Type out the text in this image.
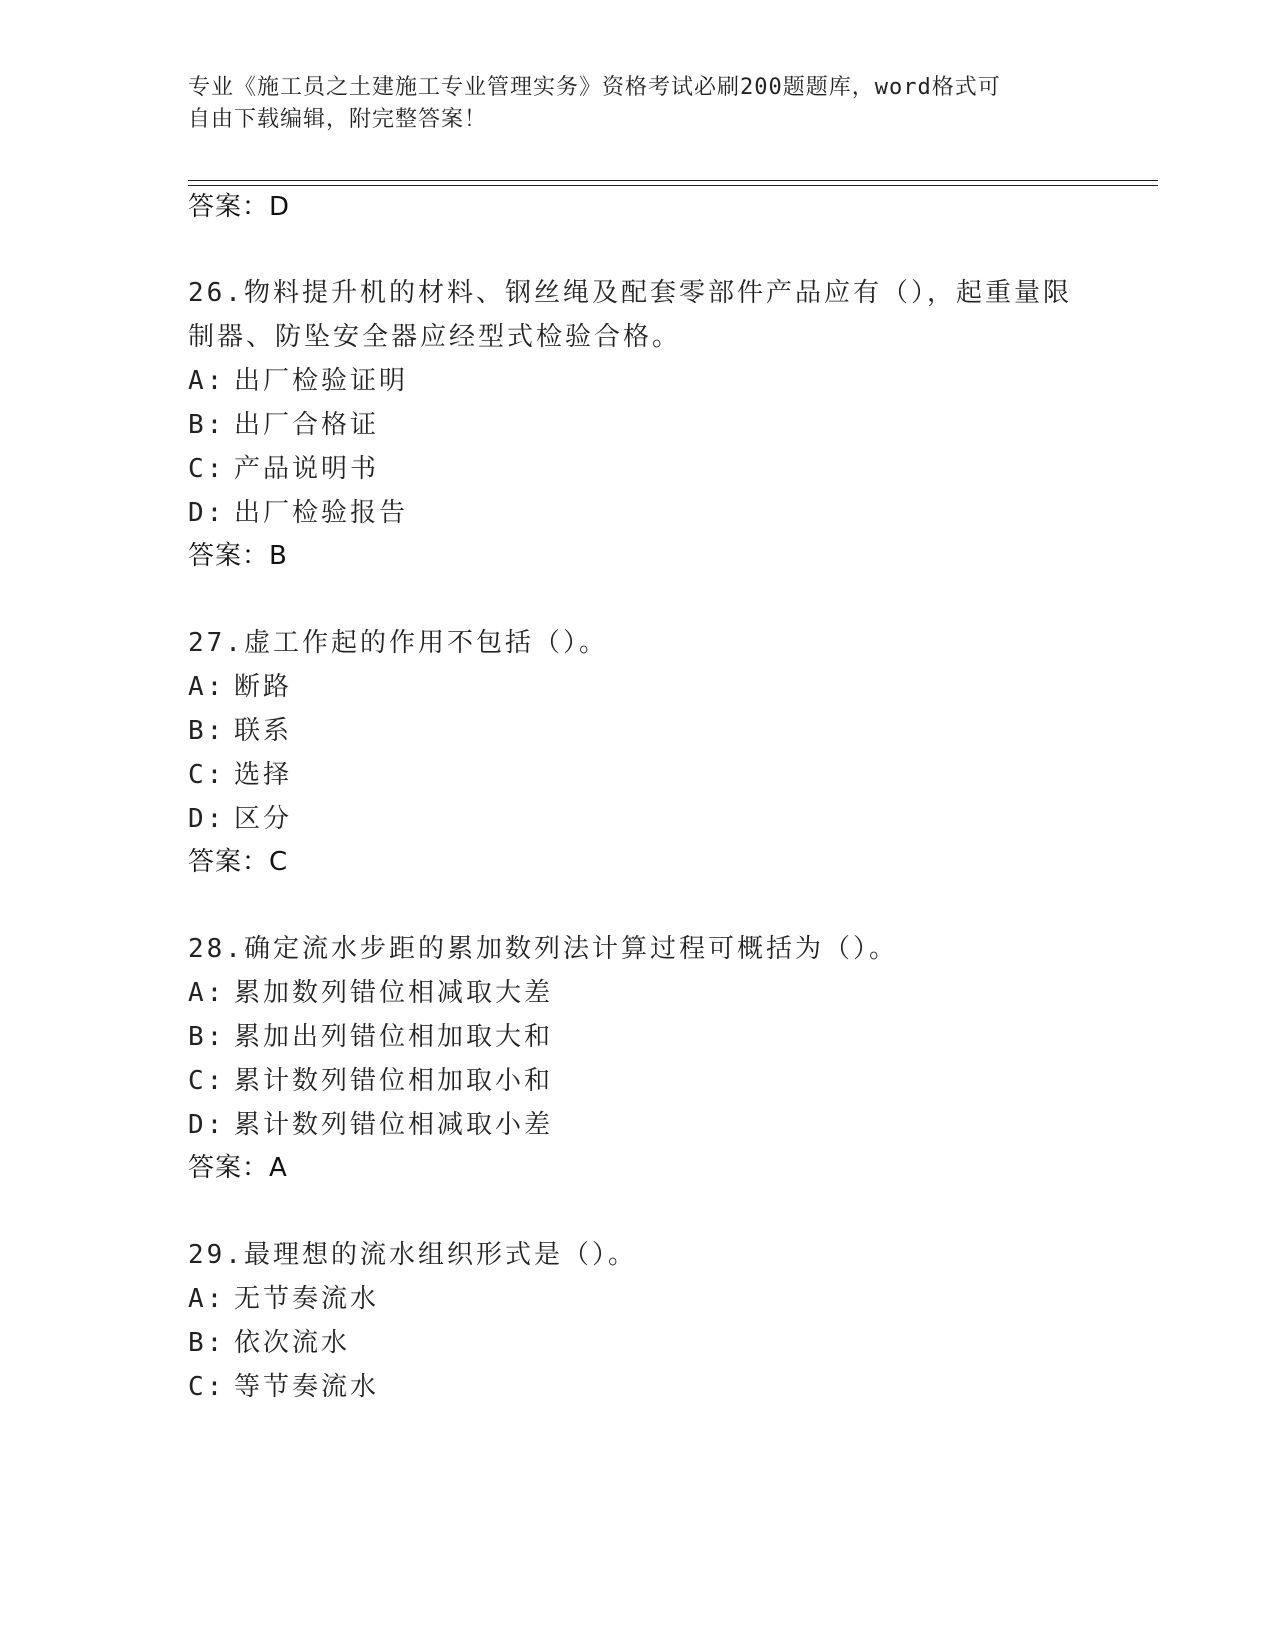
专业《施工员之土建施工专业管理实务》资格考试必刷200题题库，word格式可
自由下载编辑，附完整答案！
答案：D
26.物料提升机的材料、钢丝绳及配套零部件产品应有（），起重量限
制器、防坠安全器应经型式检验合格。
A: 出厂检验证明
B: 出厂合格证
C: 产品说明书
D: 出厂检验报告
答案：B
27.虚工作起的作用不包括（）。
A: 断路
B: 联系
C: 选择
D: 区分
答案：C
28.确定流水步距的累加数列法计算过程可概括为（）。
A: 累加数列错位相减取大差
B: 累加出列错位相加取大和
C: 累计数列错位相加取小和
D: 累计数列错位相减取小差
答案：A
29.最理想的流水组织形式是（）。
A: 无节奏流水
B: 依次流水
C: 等节奏流水
